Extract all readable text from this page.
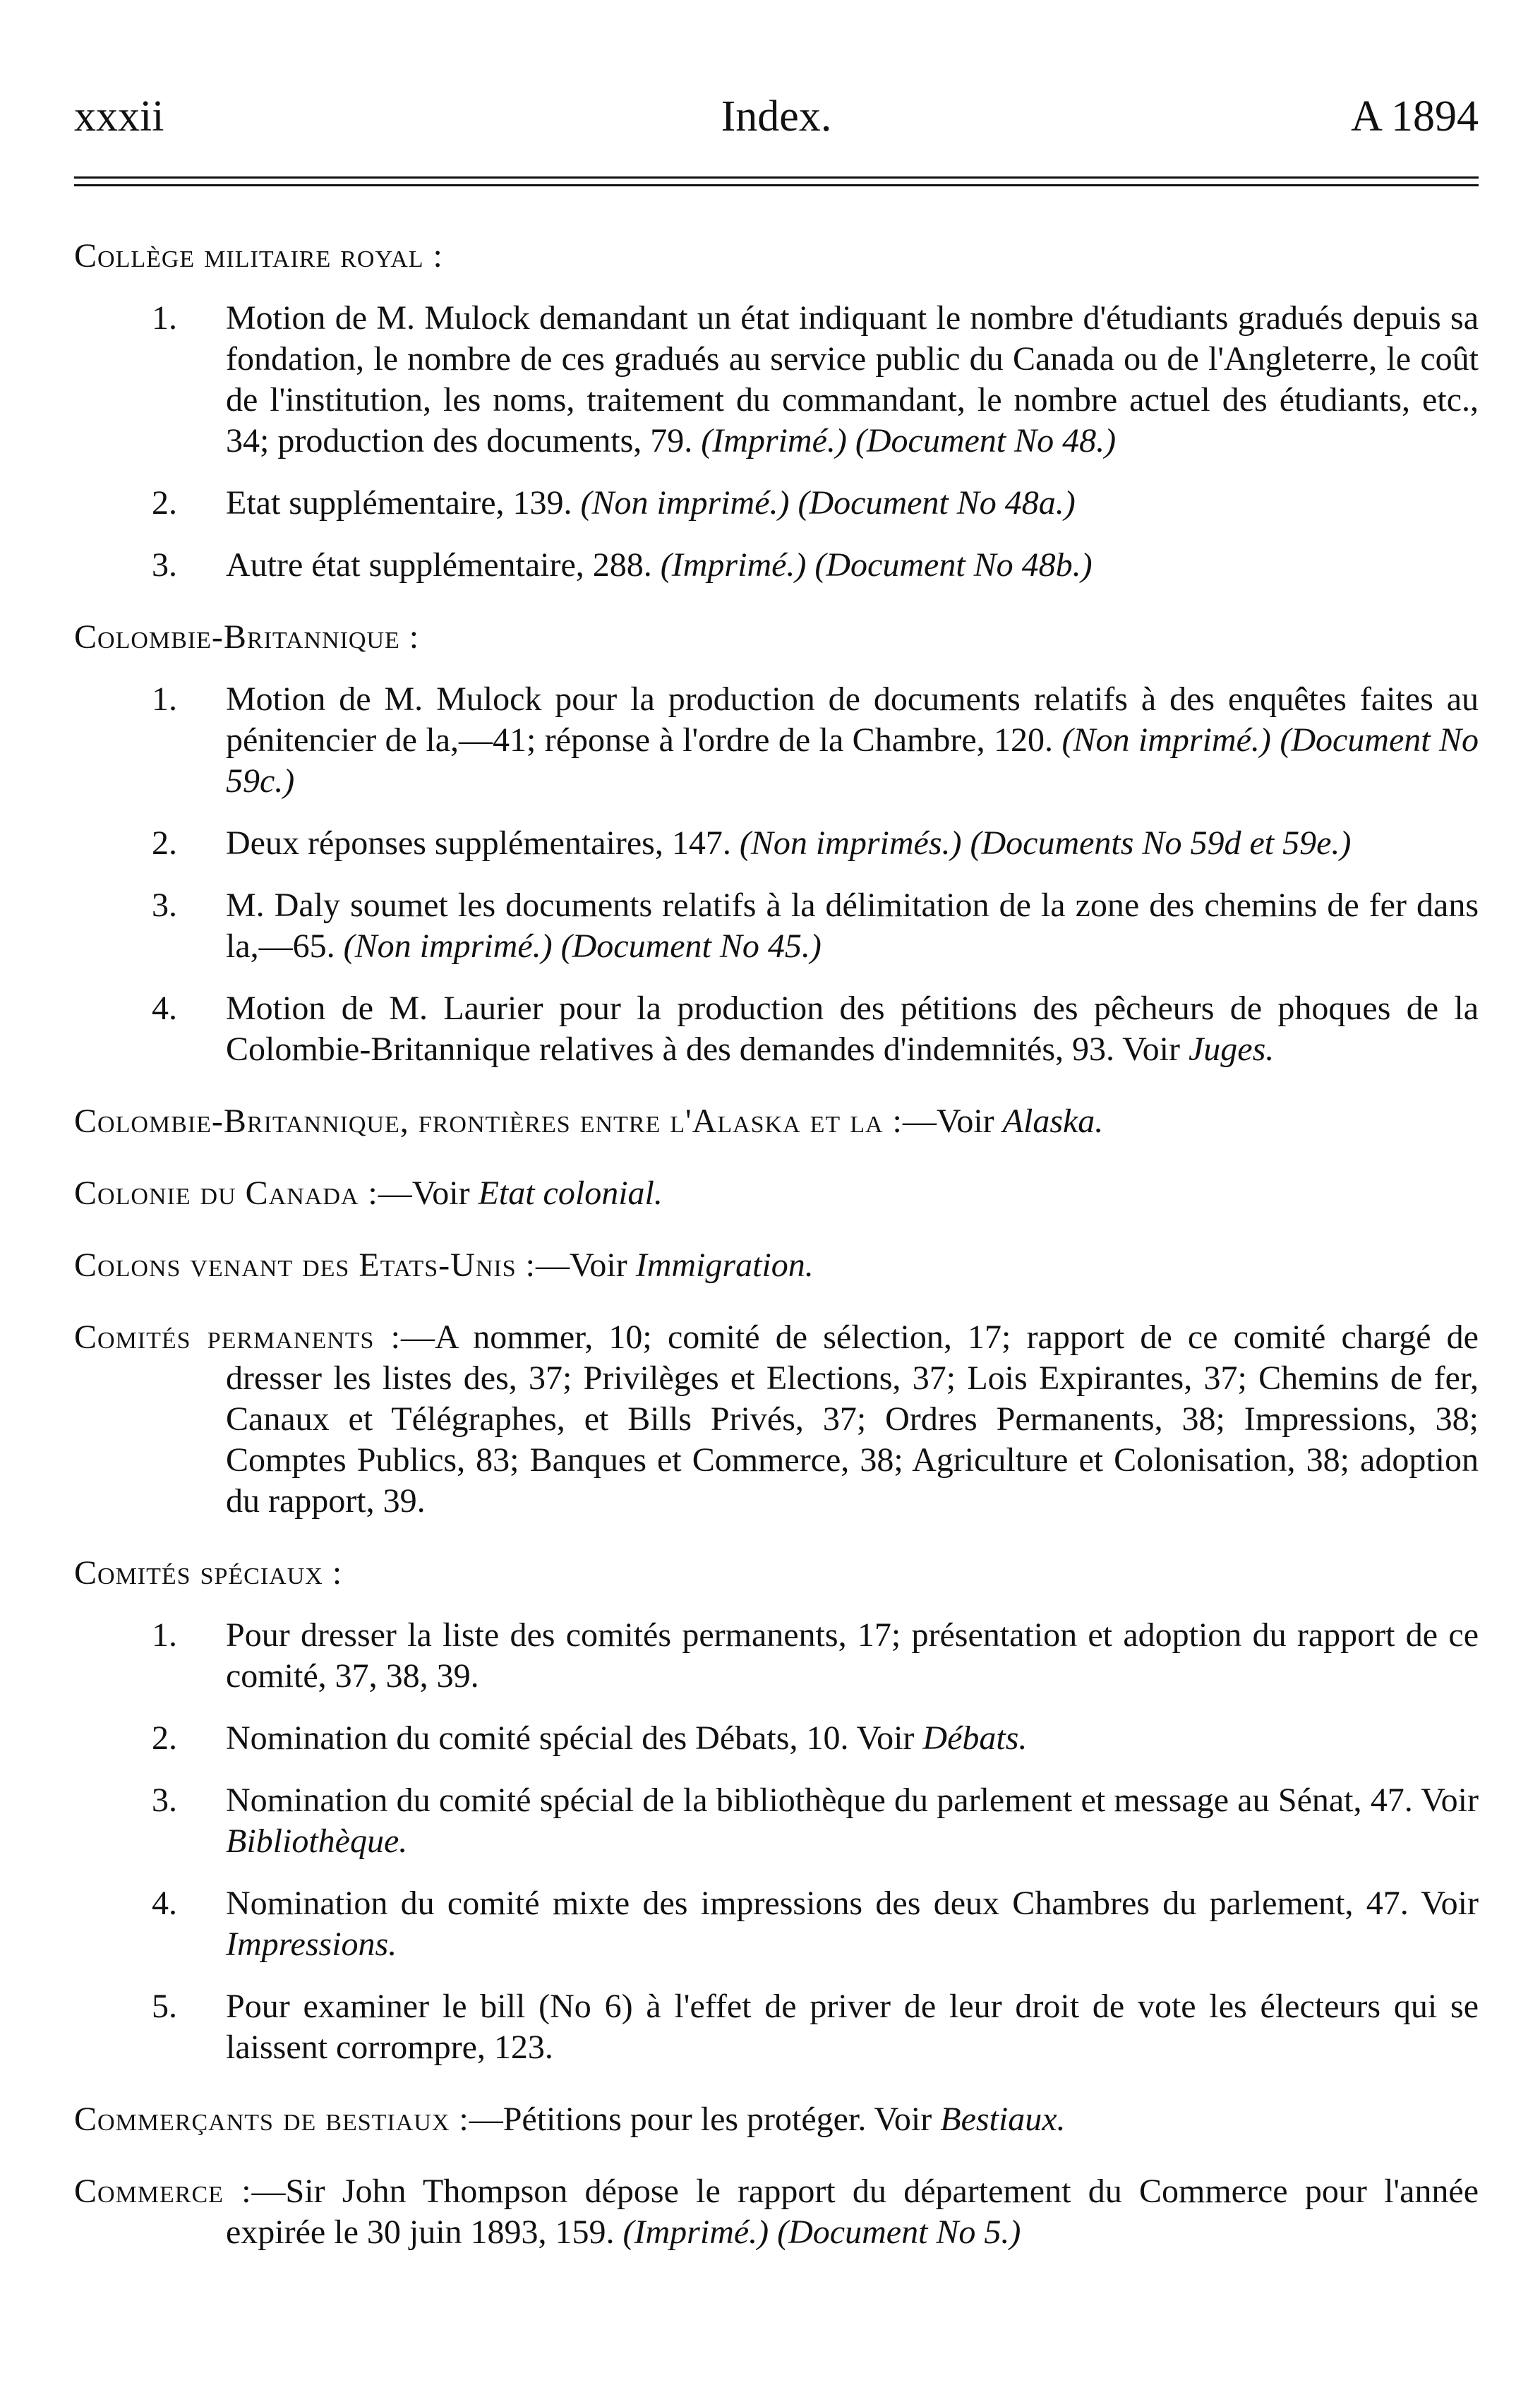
xxxii	Index.	A 1894
Collège militaire royal :
1. Motion de M. Mulock demandant un état indiquant le nombre d'étudiants gradués depuis sa fondation, le nombre de ces gradués au service public du Canada ou de l'Angleterre, le coût de l'institution, les noms, traitement du commandant, le nombre actuel des étudiants, etc., 34; production des documents, 79. (Imprimé.) (Document No 48.)
2. Etat supplémentaire, 139. (Non imprimé.) (Document No 48a.)
3. Autre état supplémentaire, 288. (Imprimé.) (Document No 48b.)
Colombie-Britannique :
1. Motion de M. Mulock pour la production de documents relatifs à des enquêtes faites au pénitencier de la,—41; réponse à l'ordre de la Chambre, 120. (Non imprimé.) (Document No 59c.)
2. Deux réponses supplémentaires, 147. (Non imprimés.) (Documents No 59d et 59e.)
3. M. Daly soumet les documents relatifs à la délimitation de la zone des chemins de fer dans la,—65. (Non imprimé.) (Document No 45.)
4. Motion de M. Laurier pour la production des pétitions des pêcheurs de phoques de la Colombie-Britannique relatives à des demandes d'indemnités, 93. Voir Juges.
Colombie-Britannique, frontières entre l'Alaska et la :—Voir Alaska.
Colonie du Canada :—Voir Etat colonial.
Colons venant des Etats-Unis :—Voir Immigration.
Comités permanents :—A nommer, 10; comité de sélection, 17; rapport de ce comité chargé de dresser les listes des, 37; Privilèges et Elections, 37; Lois Expirantes, 37; Chemins de fer, Canaux et Télégraphes, et Bills Privés, 37; Ordres Permanents, 38; Impressions, 38; Comptes Publics, 83; Banques et Commerce, 38; Agriculture et Colonisation, 38; adoption du rapport, 39.
Comités spéciaux :
1. Pour dresser la liste des comités permanents, 17; présentation et adoption du rapport de ce comité, 37, 38, 39.
2. Nomination du comité spécial des Débats, 10. Voir Débats.
3. Nomination du comité spécial de la bibliothèque du parlement et message au Sénat, 47. Voir Bibliothèque.
4. Nomination du comité mixte des impressions des deux Chambres du parlement, 47. Voir Impressions.
5. Pour examiner le bill (No 6) à l'effet de priver de leur droit de vote les électeurs qui se laissent corrompre, 123.
Commerçants de bestiaux :—Pétitions pour les protéger. Voir Bestiaux.
Commerce :—Sir John Thompson dépose le rapport du département du Commerce pour l'année expirée le 30 juin 1893, 159. (Imprimé.) (Document No 5.)
